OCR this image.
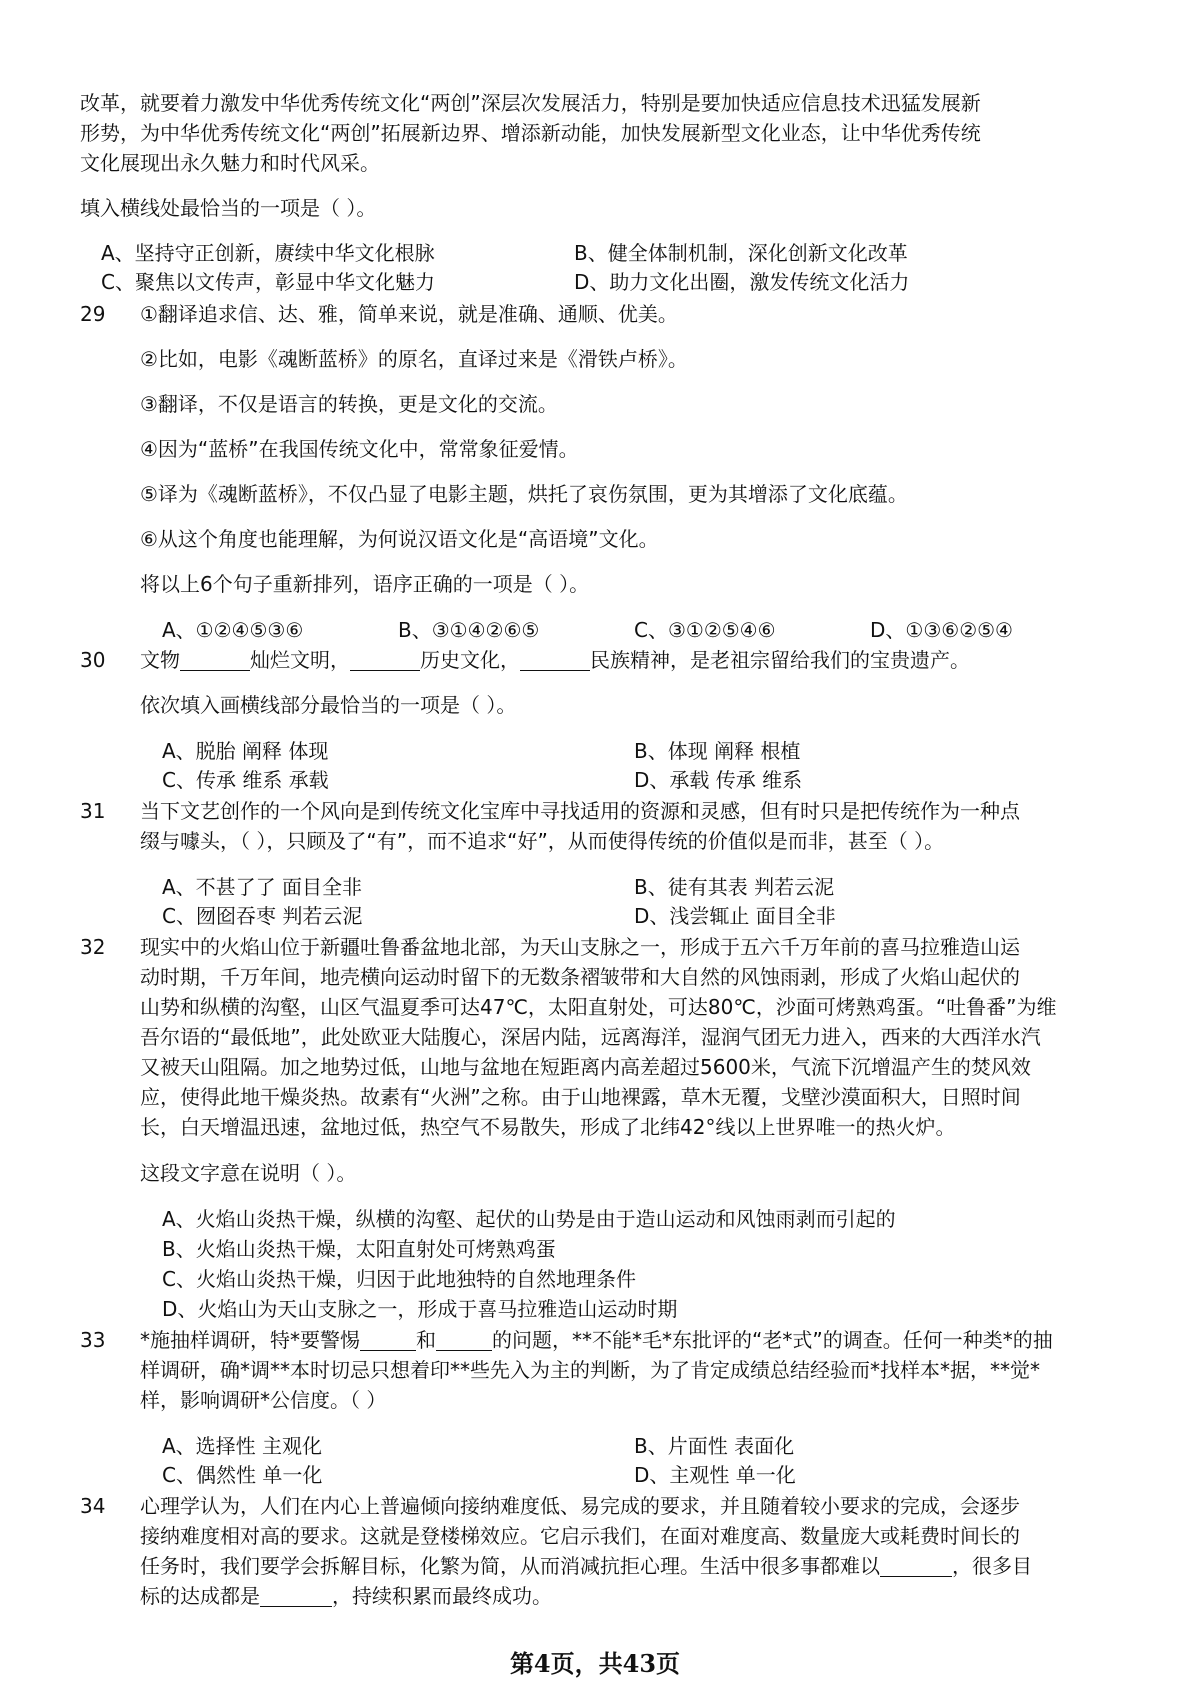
改革，就要着力激发中华优秀传统文化“两创”深层次发展活力，特别是要加快适应信息技术迅猛发展新
形势，为中华优秀传统文化“两创”拓展新边界、增添新动能，加快发展新型文化业态，让中华优秀传统
文化展现出永久魅力和时代风采。
填入横线处最恰当的一项是（ ）。
A、坚持守正创新，赓续中华文化根脉	B、健全体制机制，深化创新文化改革
C、聚焦以文传声，彰显中华文化魅力	D、助力文化出圈，激发传统文化活力
29 ①翻译追求信、达、雅，简单来说，就是准确、通顺、优美。
②比如，电影《魂断蓝桥》的原名，直译过来是《滑铁卢桥》。
③翻译，不仅是语言的转换，更是文化的交流。
④因为“蓝桥”在我国传统文化中，常常象征爱情。
⑤译为《魂断蓝桥》，不仅凸显了电影主题，烘托了哀伤氛围，更为其增添了文化底蕴。
⑥从这个角度也能理解，为何说汉语文化是“高语境”文化。
将以上6个句子重新排列，语序正确的一项是（ ）。
A、①②④⑤③⑥	B、③①④②⑥⑤	C、③①②⑤④⑥	D、①③⑥②⑤④
30 文物	灿烂文明，	历史文化，	民族精神，是老祖宗留给我们的宝贵遗产。
依次填入画横线部分最恰当的一项是（ ）。
A、脱胎 阐释 体现	B、体现 阐释 根植
C、传承 维系 承载	D、承载 传承 维系
31 当下文艺创作的一个风向是到传统文化宝库中寻找适用的资源和灵感，但有时只是把传统作为一种点
缀与噱头，（ ），只顾及了“有”，而不追求“好”，从而使得传统的价值似是而非，甚至（ ）。
A、不甚了了 面目全非	B、徒有其表 判若云泥
C、囫囵吞枣 判若云泥	D、浅尝辄止 面目全非
32 现实中的火焰山位于新疆吐鲁番盆地北部，为天山支脉之一，形成于五六千万年前的喜马拉雅造山运
动时期，千万年间，地壳横向运动时留下的无数条褶皱带和大自然的风蚀雨剥，形成了火焰山起伏的
山势和纵横的沟壑，山区气温夏季可达47℃，太阳直射处，可达80℃，沙面可烤熟鸡蛋。“吐鲁番”为维
吾尔语的“最低地”，此处欧亚大陆腹心，深居内陆，远离海洋，湿润气团无力进入，西来的大西洋水汽
又被天山阻隔。加之地势过低，山地与盆地在短距离内高差超过5600米，气流下沉增温产生的焚风效
应，使得此地干燥炎热。故素有“火洲”之称。由于山地裸露，草木无覆，戈壁沙漠面积大，日照时间
长，白天增温迅速，盆地过低，热空气不易散失，形成了北纬42°线以上世界唯一的热火炉。
这段文字意在说明（ ）。
A、火焰山炎热干燥，纵横的沟壑、起伏的山势是由于造山运动和风蚀雨剥而引起的
B、火焰山炎热干燥，太阳直射处可烤熟鸡蛋
C、火焰山炎热干燥，归因于此地独特的自然地理条件
D、火焰山为天山支脉之一，形成于喜马拉雅造山运动时期
33 *施抽样调研，特*要警惕	和	的问题，**不能*毛*东批评的“老*式”的调查。任何一种类*的抽
样调研，确*调**本时切忌只想着印**些先入为主的判断，为了肯定成绩总结经验而*找样本*据，**觉*
样，影响调研*公信度。（ ）
A、选择性 主观化	B、片面性 表面化
C、偶然性 单一化	D、主观性 单一化
34 心理学认为，人们在内心上普遍倾向接纳难度低、易完成的要求，并且随着较小要求的完成，会逐步
接纳难度相对高的要求。这就是登楼梯效应。它启示我们，在面对难度高、数量庞大或耗费时间长的
任务时，我们要学会拆解目标，化繁为简，从而消减抗拒心理。生活中很多事都难以	，很多目
标的达成都是	，持续积累而最终成功。
第4页，共43页
